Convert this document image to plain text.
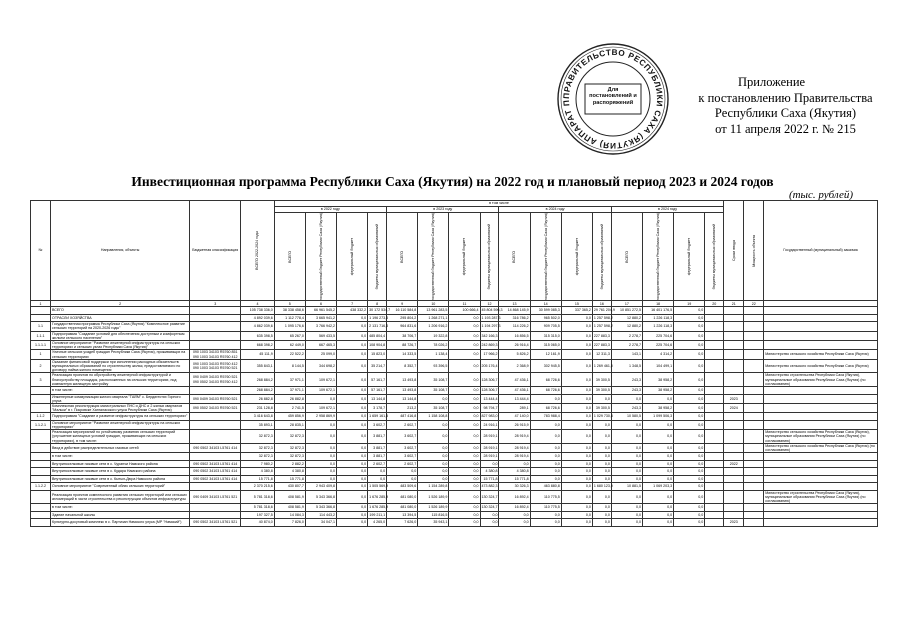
ПРАВИТЕЛЬСТВО РЕСПУБЛИКИ САХА (ЯКУТИЯ) АППАРАТ П
Для постановлений и распоряжений
Приложение
к постановлению Правительства
Республики Саха (Якутия)
от 11 апреля 2022 г. № 215
Инвестиционная программа Республики Саха (Якутия) на 2022 год и плановый период 2023 и 2024 годов
(тыс. рублей)
№	Направления, объекты	Бюджетная классификация	ВСЕГО 2022-2024 годы	в том числе																Сроки ввода	Мощность объекта	Государственный (муниципальный) заказчик
				в 2022 году				в 2023 году				в 2024 году				в 2024 году						

				ВСЕГО	государственный бюджет Республики Саха (Якутия)	федеральный бюджет	бюджеты муниципальных образований	ВСЕГО	государственный бюджет Республики Саха (Якутия)	федеральный бюджет	бюджеты муниципальных образований	ВСЕГО	государственный бюджет Республики Саха (Якутия)	федеральный бюджет	бюджеты муниципальных образований	ВСЕГО	государственный бюджет Республики Саха (Якутия)	федеральный бюджет	бюджеты муниципальных образований			

1	2	3	4	5	6	7	8	9	10	11	12	13	14	15	16	17	18	19	20	21	22	
	ВСЕГО		105 738 336,0	38 338 458,6	66 961 545,2	438 332,2	30 172 534,7	16 110 584,8	13 961 283,5	100 666,4	45 804 596,3	14 868 145,9	30 599 085,3	337 365,2	29 761 204,9	10 851 272,5	16 401 176,5	0,0				
	ОТРАСЛИ ХОЗЯЙСТВА		4 892 039,6	1 112 778,4	3 665 941,2	0,0	1 196 273,3	295 804,2	1 268 271,1	0,0	1 193 287,3	316 786,2	965 502,0	0,0	1 257 598,2	12 880,2	1 226 118,3	0,0				
1.1	Государственная программа Республики Саха (Якутия) "Комплексное развитие сельских территорий на 2020-2026 годы"		4 862 039,6	1 095 176,6	3 766 942,2	0,0	2 131 716,3	964 831,6	1 206 916,2	0,0	1 194 297,3	114 226,2	909 705,5	0,0	1 257 598,2	12 880,2	1 226 118,3	0,0				
1.1.1	Подпрограмма "Создание условий для обеспечения доступным и комфортным жильем сельского населения"		635 398,5	65 267,0	569 433,5	0,0	485 804,4	38 706,7	19 322,8	0,0	342 166,3	16 856,5	315 315,0	0,0	227 883,3	2 278,7	225 704,6	0,0				
1.1.1.1	Основное мероприятие "Развитие инженерной инфраструктуры на сельских территориях и сельских узлах Республики Саха (Якутия)"		668 398,2	62 449,0	667 465,3	0,0	108 904,8	88 726,7	78 026,2	0,0	242 869,3	26 916,4	315 065,0	0,0	227 883,3	2 278,7	225 704,6	0,0				
1	Уличные сельских усадеб граждан Республики Саха (Якутия), проживающих на сельских территориях	090 1003 34103 R5760 851 090 1003 34103 R5760 412	45 111,9	22 522,2	25 099,0	0,0	15 823,0	14 333,5	1 138,4	0,0	17 966,2	5 826,2	12 161,9	0,0	12 311,3	143,1	4 314,2	0,0				Министерство сельского хозяйства Республики Саха (Якутия)
2	Оказание финансовой поддержки при исполнении расходных обязательств муниципальных образований по строительству жилья, предоставляемого по договору найма жилого помещения	090 1003 34103 R5760 412 090 1003 34103 R5760 521	355 843,1	8 144,5	344 698,2	0,0	35 214,7	8 352,7	93 396,5	0,0	205 176,4	2 368,9	302 945,5	0,0	1 269 461,0	1 348,5	104 499,1	0,0				Министерство сельского хозяйства Республики Саха (Якутия)
3	Реализация проектов по обустройству инженерной инфраструктурой и благоустройству площадок, расположенных на сельских территориях, под компактную жилищную застройку	090 0409 34103 R5760 521 090 0502 34103 R5760 412	268 884,2	37 971,1	109 672,1	0,0	57 161,7	13 493,8	35 108,7	0,0	128 306,7	47 436,1	68 726,6	0,0	39 300,5	243,3	38 958,2	0,0				Министерство строительства Республики Саха (Якутия), муниципальные образования Республики Саха (Якутия) (по согласованию)
	в том числе:		268 884,2	37 971,1	109 672,1	0,0	57 161,7	13 493,8	35 108,7	0,0	128 306,7	47 436,1	68 726,6	0,0	39 300,5	243,3	38 958,2	0,0				
	Инженерные коммуникации жилого квартала "ТАЙМ" с. Бердигестях Горного улуса	090 0409 34103 R5760 521	26 882,8	26 882,8	0,0	0,0	13 144,8	13 144,8	0,0	0,0	13 444,4	13 444,4	0,0	0,0	0,0	0,0	0,0	0,0		2023		
	Комплексная реконструкция магистральных ПНС и ДНС и 2 жилых кварталов "Мальки" в г. Покровске Хангаласского улуса Республики Саха (Якутия)	090 0502 34103 R5760 521	231 128,8	2 741,5	109 672,1	0,0	3 178,7	213,2	35 108,7	0,0	98 794,7	289,1	68 726,6	0,0	39 300,5	243,3	38 958,2	0,0		2024		
1.1.2	Подпрограмма "Создание и развитие инфраструктуры на сельских территориях"		3 416 643,8	459 856,9	2 958 869,9	0,0	1 659 161,5	487 416,8	1 158 108,8	0,0	827 983,0	47 140,0	783 988,4	0,0	1 029 730,8	10 580,5	1 099 506,3	0,0				
1.1.2.1	Основное мероприятие "Развитие инженерной инфраструктуры на сельских территориях"		35 893,1	28 835,1	0,0	0,0	3 602,7	2 602,7	0,0	0,0	24 916,1	26 915,9	0,0	0,0	0,0	0,0	0,0	0,0				
	Реализация мероприятий по устойчивому развитию сельских территорий (улучшение жилищных условий граждан, проживающих на сельских территориях), в том числе:		32 872,3	32 872,3	0,0	0,0	3 881,7	3 602,7	0,0	0,0	28 919,1	28 919,4	0,0	0,0	0,0	0,0	0,0	0,0				Министерство сельского хозяйства Республики Саха (Якутия), муниципальные образования Республики Саха (Якутия) (по согласованию)
	Ввод в действие распределительных газовых сетей	090 0502 34103 L5761 414	32 872,3	32 872,3	0,0	0,0	3 881,7	3 602,7	0,0	0,0	28 919,1	28 919,4	0,0	0,0	0,0	0,0	0,0	0,0				Министерство сельского хозяйства Республики Саха (Якутия) (по согласованию)
	в том числе:		32 872,3	32 872,3	0,0	0,0	3 881,7	3 602,7	0,0	0,0	28 919,1	28 919,4	0,0	0,0	0,0	0,0	0,0	0,0				
	Внутрипоселковые газовые сети в с. Чуранчи Намского района	090 0502 34103 L5761 414	7 980,2	2 882,2	0,0	0,0	2 602,7	2 602,7	0,0	0,0	0,0	0,0	0,0	0,0	0,0	0,0	0,0	0,0		2022		
	Внутрипоселковые газовые сети в с. Кудара Намского района	090 0502 34103 L5761 414	4 380,8	4 380,8	0,0	0,0	0,0	0,0	0,0	0,0	4 380,8	4 380,8	0,0	0,0	0,0	0,0	0,0	0,0				
	Внутрипоселковые газовые сети в с. Кытыл-Дюра Намского района	090 0502 34103 L5761 414	15 771,8	15 771,8	0,0	0,0	0,0	0,0	0,0	0,0	15 771,8	15 771,8	0,0	0,0	0,0	0,0	0,0	0,0				
1.1.2.2	Основное мероприятие "Современный облик сельских территорий"		2 370 215,6	430 807,7	2 943 409,8	0,0	1 505 569,9	483 509,6	1 154 289,8	0,0	473 882,3	30 326,3	463 880,8	0,0	1 680 123,9	10 881,5	1 069 203,3	0,0				
	Реализация проектов комплексного развития сельских территорий или сельских агломераций в части строительства и реконструкции объектов инфраструктуры	090 0409 34103 L5761 521	5 781 318,6	408 581,9	5 343 366,8	0,0	1 676 285,9	481 080,0	1 526 189,9	0,0	130 324,7	16 892,4	110 775,5	0,0	0,0	0,0	0,0	0,0				Министерство строительства Республики Саха (Якутия), муниципальные образования Республики Саха (Якутия) (по согласованию)
	в том числе:		5 781 318,6	408 581,9	5 343 366,8	0,0	1 676 285,9	481 080,0	1 526 189,9	0,0	130 324,7	16 892,4	110 775,5	0,0	0,0	0,0	0,0	0,0				
	Здание начальной школы		197 327,5	14 084,3	114 443,2	0,0	199 211,1	13 394,5	115 816,5	0,0	0,0	0,0	0,0	0,0	0,0	0,0	0,0	0,0				
	Культурно-досуговый комплекс в с. Партизан Намского улуса (МР "Намский")	090 0502 34103 L5761 521	40 874,0	7 826,0	34 047,1	0,0	4 265,0	7 626,0	35 943,1	0,0	0,0	0,0	0,0	0,0	0,0	0,0	0,0	0,0		2023		
